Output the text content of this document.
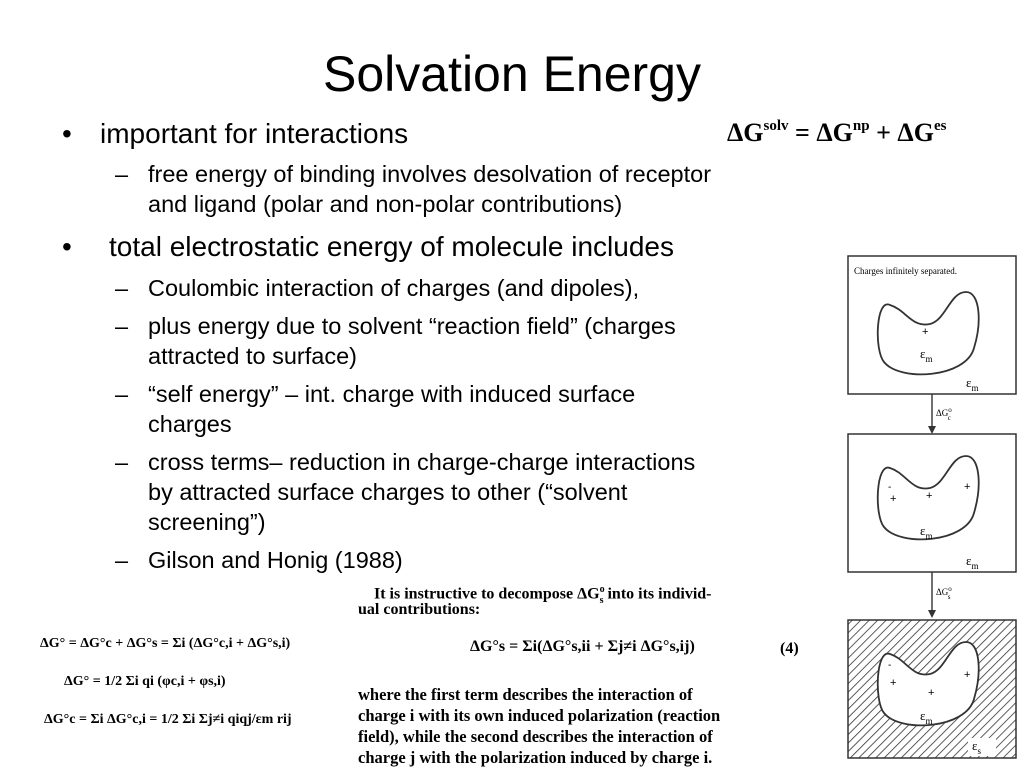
Solvation Energy
• important for interactions
– free energy of binding involves desolvation of receptor
and ligand (polar and non-polar contributions)
• total electrostatic energy of molecule includes
– Coulombic interaction of charges (and dipoles),
– plus energy due to solvent “reaction field” (charges
attracted to surface)
– “self energy” – int. charge with induced surface
charges
– cross terms– reduction in charge-charge interactions
by attracted surface charges to other (“solvent
screening”)
– Gilson and Honig (1988)
$\Delta G^{solv} = \Delta G^{np} + \Delta G^{es}$
Charges infinitely separated.
+
$\varepsilon_m$
$\varepsilon_m$
$\Delta G^o$ c
-
+
+
+
$\varepsilon_m$
$\varepsilon_m$
$\Delta G^o$ s
-
+
+
+
$\varepsilon_m$
$\varepsilon_s$
It is instructive to decompose $\Delta G^o_s$ into its individ-
ual contributions:
ΔG°s = Σi(ΔG°s,ii + Σj≠i ΔG°s,ij)	(4)
where the first term describes the interaction of
charge i with its own induced polarization (reaction
field), while the second describes the interaction of
charge j with the polarization induced by charge i.
ΔG° = ΔG°c + ΔG°s = Σi (ΔG°c,i + ΔG°s,i)
ΔG° = 1/2 Σi qi (φc,i + φs,i)
ΔG°c = Σi ΔG°c,i = 1/2 Σi Σj≠i qiqj/εm rij
